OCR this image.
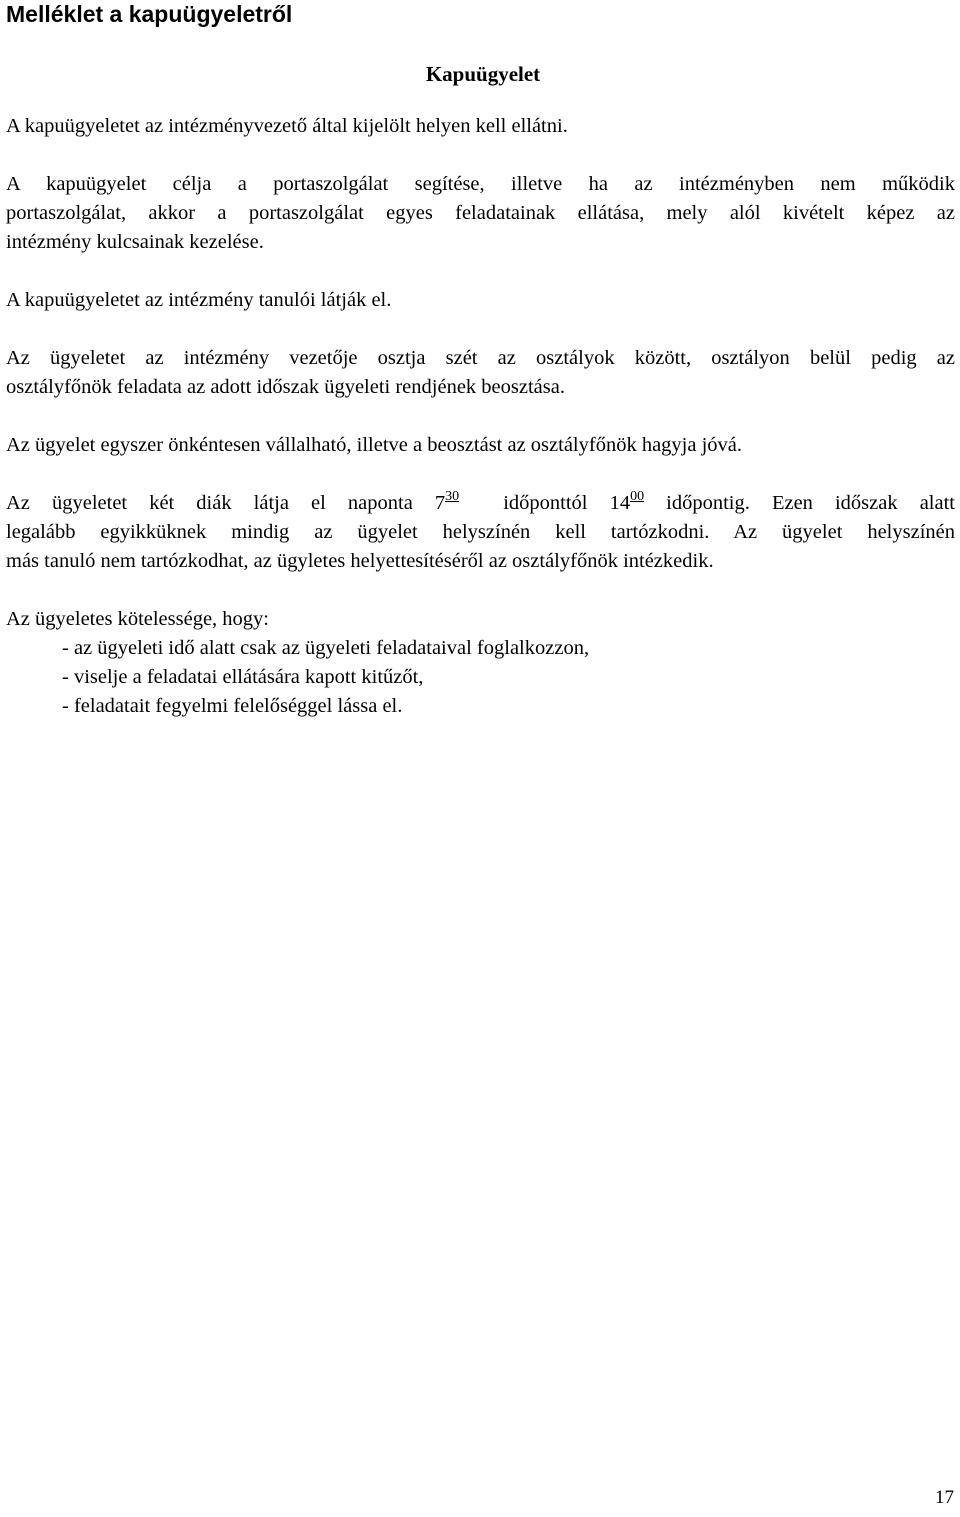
Melléklet a kapuügyeletről
Kapuügyelet

A kapuügyeletet az intézményvezető által kijelölt helyen kell ellátni.

A kapuügyelet célja a portaszolgálat segítése, illetve ha az intézményben nem működik
portaszolgálat, akkor a portaszolgálat egyes feladatainak ellátása, mely alól kivételt képez az
intézmény kulcsainak kezelése.

A kapuügyeletet az intézmény tanulói látják el.

Az ügyeletet az intézmény vezetője osztja szét az osztályok között, osztályon belül pedig az
osztályfőnök feladata az adott időszak ügyeleti rendjének beosztása.

Az ügyelet egyszer önkéntesen vállalható, illetve a beosztást az osztályfőnök hagyja jóvá.

Az ügyeletet két diák látja el naponta $7^{30}$ időponttól $14^{00}$ időpontig. Ezen időszak alatt
legalább egyikküknek mindig az ügyelet helyszínén kell tartózkodni. Az ügyelet helyszínén
más tanuló nem tartózkodhat, az ügyletes helyettesítéséről az osztályfőnök intézkedik.

Az ügyeletes kötelessége, hogy:

- az ügyeleti idő alatt csak az ügyeleti feladataival foglalkozzon,

- viselje a feladatai ellátására kapott kitűzőt,

- feladatait fegyelmi felelőséggel lássa el.

17
